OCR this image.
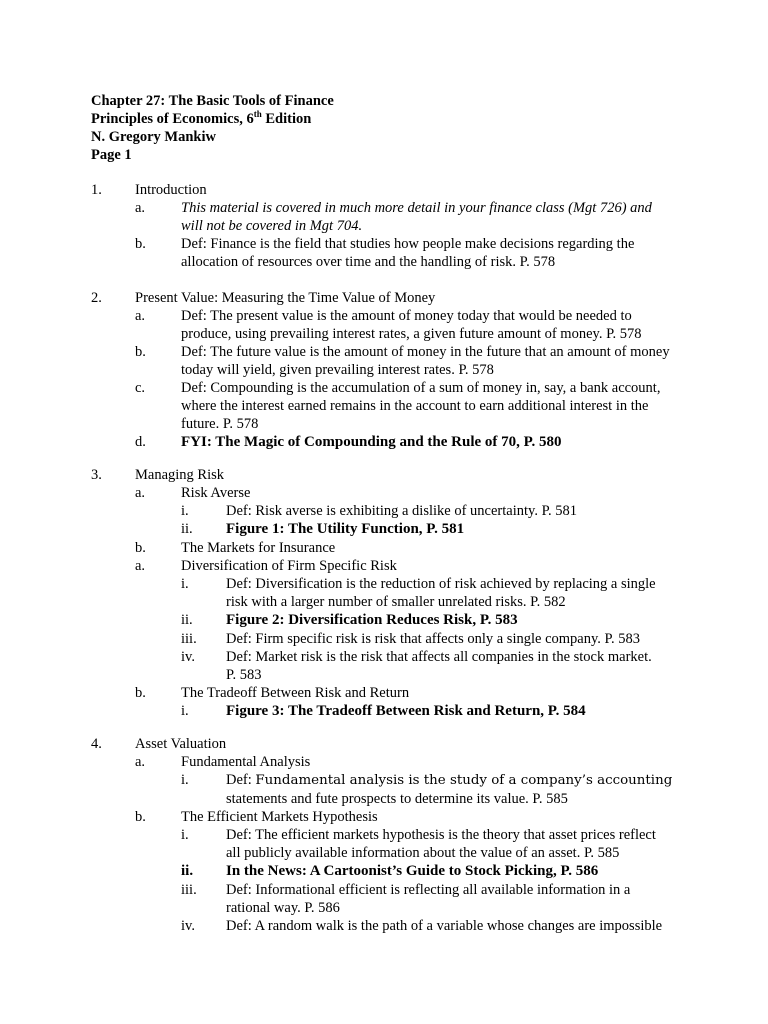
Chapter 27: The Basic Tools of Finance
Principles of Economics, 6th Edition
N. Gregory Mankiw
Page 1
1. Introduction
a. This material is covered in much more detail in your finance class (Mgt 726) and
will not be covered in Mgt 704.
b. Def: Finance is the field that studies how people make decisions regarding the
allocation of resources over time and the handling of risk. P. 578
2. Present Value: Measuring the Time Value of Money
a. Def: The present value is the amount of money today that would be needed to
produce, using prevailing interest rates, a given future amount of money. P. 578
b. Def: The future value is the amount of money in the future that an amount of money
today will yield, given prevailing interest rates. P. 578
c. Def: Compounding is the accumulation of a sum of money in, say, a bank account,
where the interest earned remains in the account to earn additional interest in the
future. P. 578
d. FYI: The Magic of Compounding and the Rule of 70, P. 580
3. Managing Risk
a. Risk Averse
i.	Def: Risk averse is exhibiting a dislike of uncertainty. P. 581
ii. Figure 1: The Utility Function, P. 581
b. The Markets for Insurance
a. Diversification of Firm Specific Risk
i.	Def: Diversification is the reduction of risk achieved by replacing a single
risk with a larger number of smaller unrelated risks. P. 582
ii. Figure 2: Diversification Reduces Risk, P. 583
iii. Def: Firm specific risk is risk that affects only a single company. P. 583
iv. Def: Market risk is the risk that affects all companies in the stock market.
P. 583
b. The Tradeoff Between Risk and Return
i. Figure 3: The Tradeoff Between Risk and Return, P. 584
4. Asset Valuation
a. Fundamental Analysis
i.	Def: Fundamental analysis is the study of a company’s accounting
statements and fute prospects to determine its value. P. 585
b. The Efficient Markets Hypothesis
i.	Def: The efficient markets hypothesis is the theory that asset prices reflect
all publicly available information about the value of an asset. P. 585
ii. In the News: A Cartoonist’s Guide to Stock Picking, P. 586
iii. Def: Informational efficient is reflecting all available information in a
rational way. P. 586
iv. Def: A random walk is the path of a variable whose changes are impossible
